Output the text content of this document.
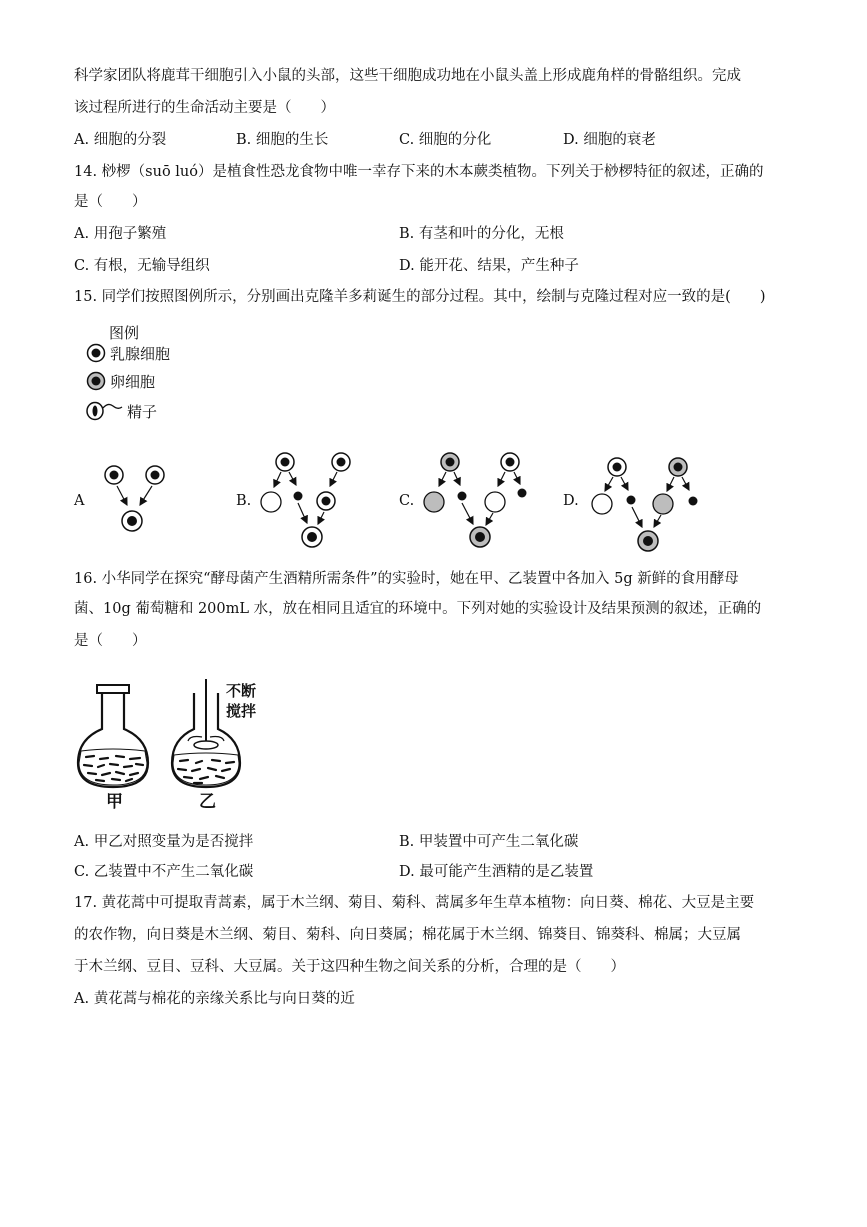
科学家团队将鹿茸干细胞引入小鼠的头部，这些干细胞成功地在小鼠头盖上形成鹿角样的骨骼组织。完成
该过程所进行的生命活动主要是（　　）
A. 细胞的分裂	B. 细胞的生长	C. 细胞的分化	D. 细胞的衰老
14. 桫椤（suō luó）是植食性恐龙食物中唯一幸存下来的木本蕨类植物。下列关于桫椤特征的叙述，正确的
是（　　）
A. 用孢子繁殖	B. 有茎和叶的分化，无根
C. 有根，无输导组织	D. 能开花、结果，产生种子
15. 同学们按照图例所示，分别画出克隆羊多莉诞生的部分过程。其中，绘制与克隆过程对应一致的是(　　)
图例
乳腺细胞
卵细胞
精子
A	B.	C.	D.
16. 小华同学在探究“酵母菌产生酒精所需条件”的实验时，她在甲、乙装置中各加入 5g 新鲜的食用酵母
菌、10g 葡萄糖和 200mL 水，放在相同且适宜的环境中。下列对她的实验设计及结果预测的叙述，正确的
是（　　）
甲	乙
不断
搅拌
A. 甲乙对照变量为是否搅拌	B. 甲装置中可产生二氧化碳
C. 乙装置中不产生二氧化碳	D. 最可能产生酒精的是乙装置
17. 黄花蒿中可提取青蒿素，属于木兰纲、菊目、菊科、蒿属多年生草本植物：向日葵、棉花、大豆是主要
的农作物，向日葵是木兰纲、菊目、菊科、向日葵属；棉花属于木兰纲、锦葵目、锦葵科、棉属；大豆属
于木兰纲、豆目、豆科、大豆属。关于这四种生物之间关系的分析，合理的是（　　）
A. 黄花蒿与棉花的亲缘关系比与向日葵的近
